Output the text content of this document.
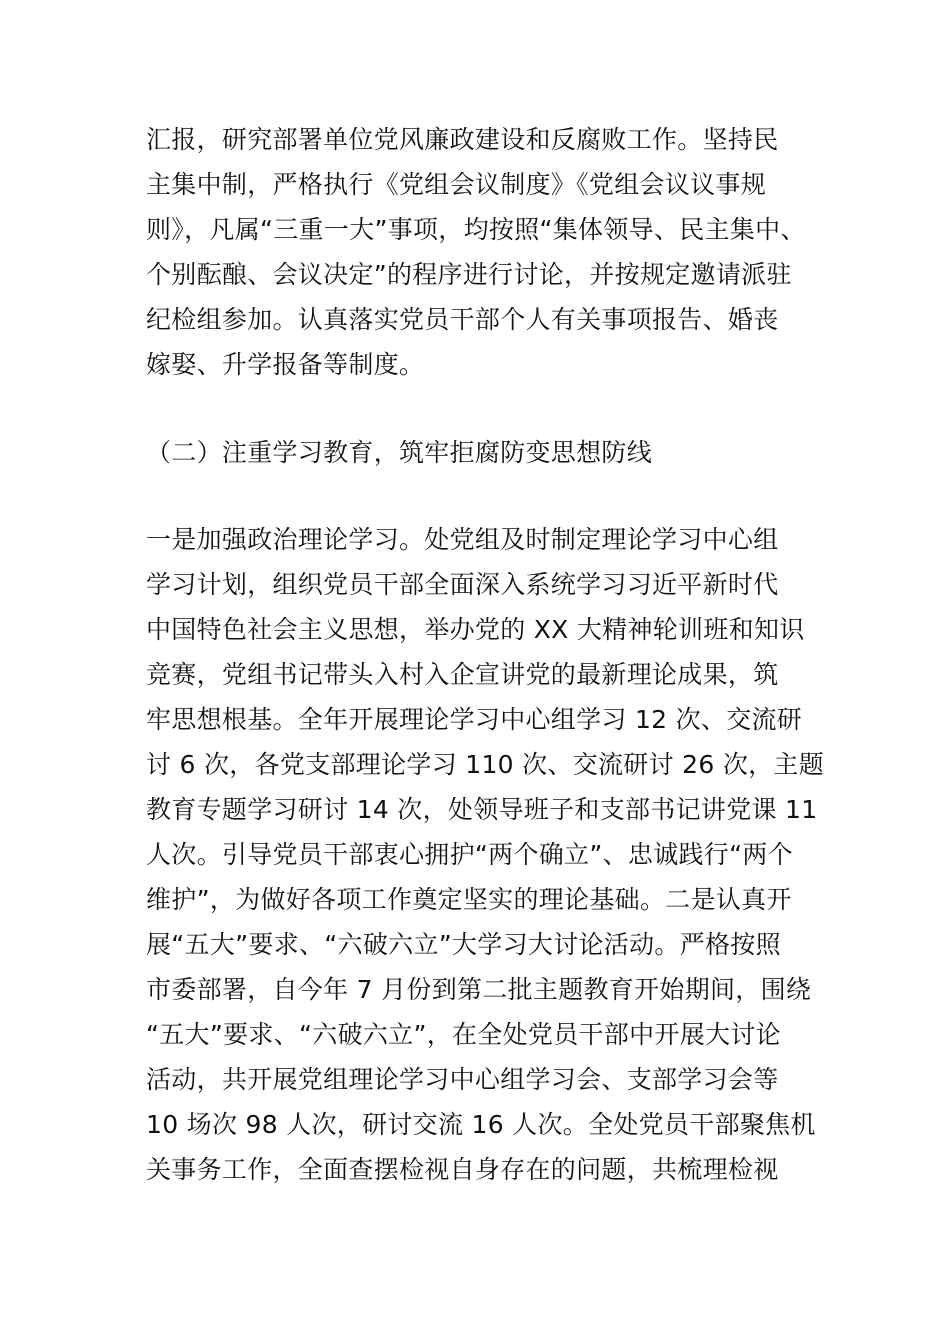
汇报，研究部署单位党风廉政建设和反腐败工作。坚持民
主集中制，严格执行《党组会议制度》《党组会议议事规
则》，凡属“三重一大”事项，均按照“集体领导、民主集中、
个别酝酿、会议决定”的程序进行讨论，并按规定邀请派驻
纪检组参加。认真落实党员干部个人有关事项报告、婚丧
嫁娶、升学报备等制度。
（二）注重学习教育，筑牢拒腐防变思想防线
一是加强政治理论学习。处党组及时制定理论学习中心组
学习计划，组织党员干部全面深入系统学习习近平新时代
中国特色社会主义思想，举办党的 XX 大精神轮训班和知识
竞赛，党组书记带头入村入企宣讲党的最新理论成果，筑
牢思想根基。全年开展理论学习中心组学习 12 次、交流研
讨 6 次，各党支部理论学习 110 次、交流研讨 26 次，主题
教育专题学习研讨 14 次，处领导班子和支部书记讲党课 11
人次。引导党员干部衷心拥护“两个确立”、忠诚践行“两个
维护”，为做好各项工作奠定坚实的理论基础。二是认真开
展“五大”要求、“六破六立”大学习大讨论活动。严格按照
市委部署，自今年 7 月份到第二批主题教育开始期间，围绕
“五大”要求、“六破六立”，在全处党员干部中开展大讨论
活动，共开展党组理论学习中心组学习会、支部学习会等
10 场次 98 人次，研讨交流 16 人次。全处党员干部聚焦机
关事务工作，全面查摆检视自身存在的问题，共梳理检视
